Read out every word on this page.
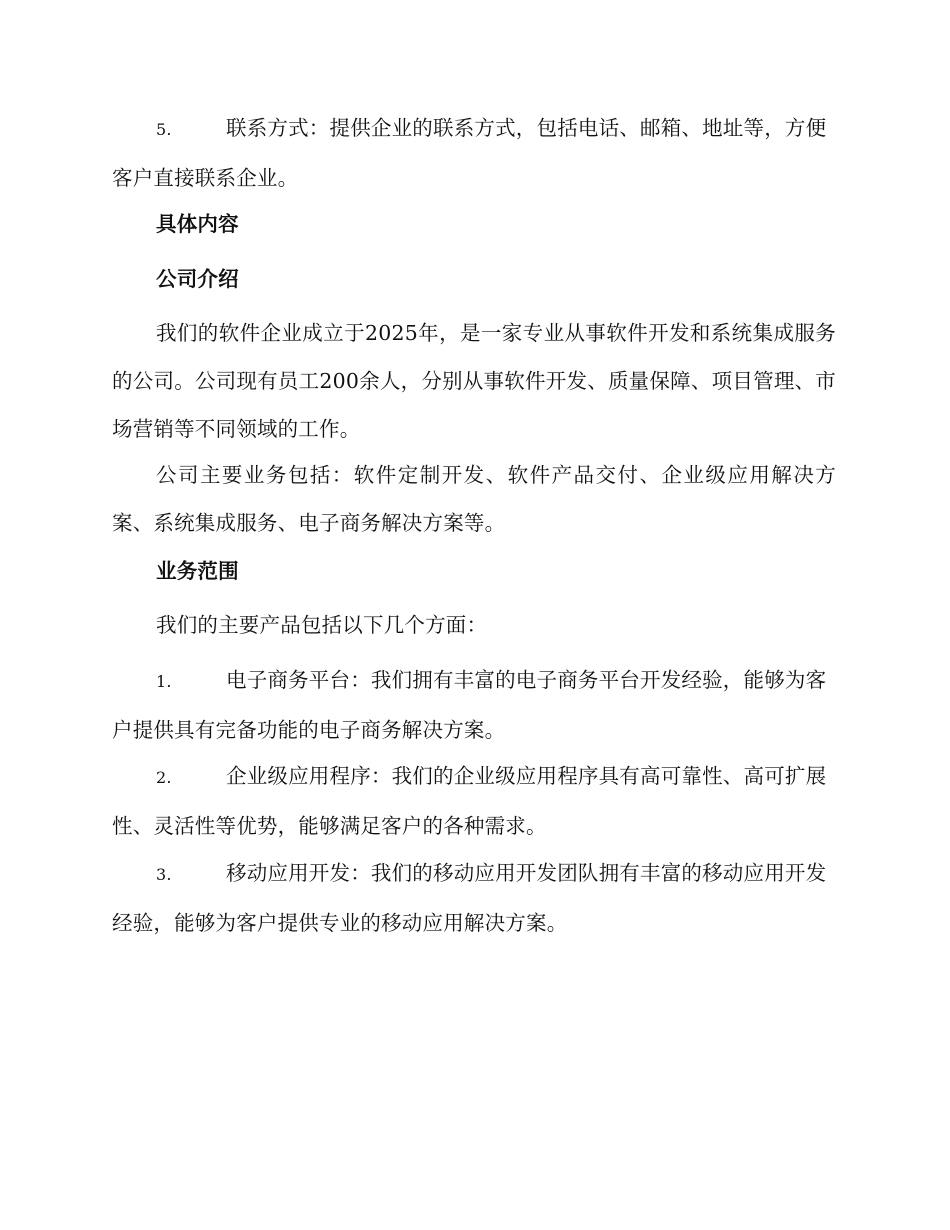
5.	联系方式：提供企业的联系方式，包括电话、邮箱、地址等，方便客户直接联系企业。
具体内容
公司介绍
我们的软件企业成立于2025年，是一家专业从事软件开发和系统集成服务的公司。公司现有员工200余人，分别从事软件开发、质量保障、项目管理、市场营销等不同领域的工作。
公司主要业务包括：软件定制开发、软件产品交付、企业级应用解决方案、系统集成服务、电子商务解决方案等。
业务范围
我们的主要产品包括以下几个方面：
1.	电子商务平台：我们拥有丰富的电子商务平台开发经验，能够为客户提供具有完备功能的电子商务解决方案。
2.	企业级应用程序：我们的企业级应用程序具有高可靠性、高可扩展性、灵活性等优势，能够满足客户的各种需求。
3.	移动应用开发：我们的移动应用开发团队拥有丰富的移动应用开发经验，能够为客户提供专业的移动应用解决方案。
